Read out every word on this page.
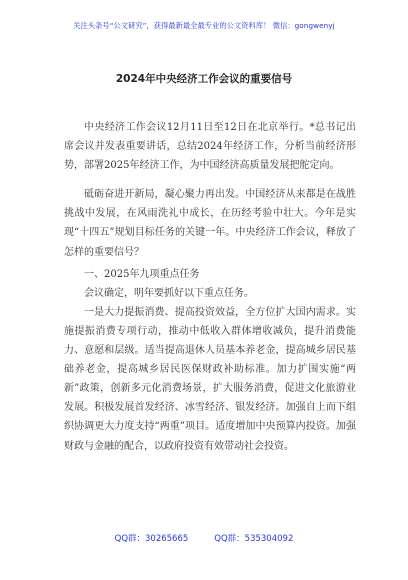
关注头条号“公文研究”，获得最新最全最专业的公文资料库！ 微信：gongwenyj
2024年中央经济工作会议的重要信号

中央经济工作会议12月11日至12日在北京举行。*总书记出席会议并发表重要讲话，总结2024年经济工作，分析当前经济形势，部署2025年经济工作，为中国经济高质量发展把舵定向。

砥砺奋进开新局，凝心聚力再出发。中国经济从来都是在战胜挑战中发展，在风雨洗礼中成长，在历经考验中壮大。今年是实现“十四五”规划目标任务的关键一年。中央经济工作会议，释放了怎样的重要信号？

一、2025年九项重点任务

会议确定，明年要抓好以下重点任务。

一是大力提振消费、提高投资效益，全方位扩大国内需求。实施提振消费专项行动，推动中低收入群体增收减负，提升消费能力、意愿和层级。适当提高退休人员基本养老金，提高城乡居民基础养老金，提高城乡居民医保财政补助标准。加力扩围实施“两新”政策，创新多元化消费场景，扩大服务消费，促进文化旅游业发展。积极发展首发经济、冰雪经济、银发经济。加强自上而下组织协调更大力度支持“两重”项目。适度增加中央预算内投资。加强财政与金融的配合，以政府投资有效带动社会投资。

QQ群：30265665	QQ群：535304092
